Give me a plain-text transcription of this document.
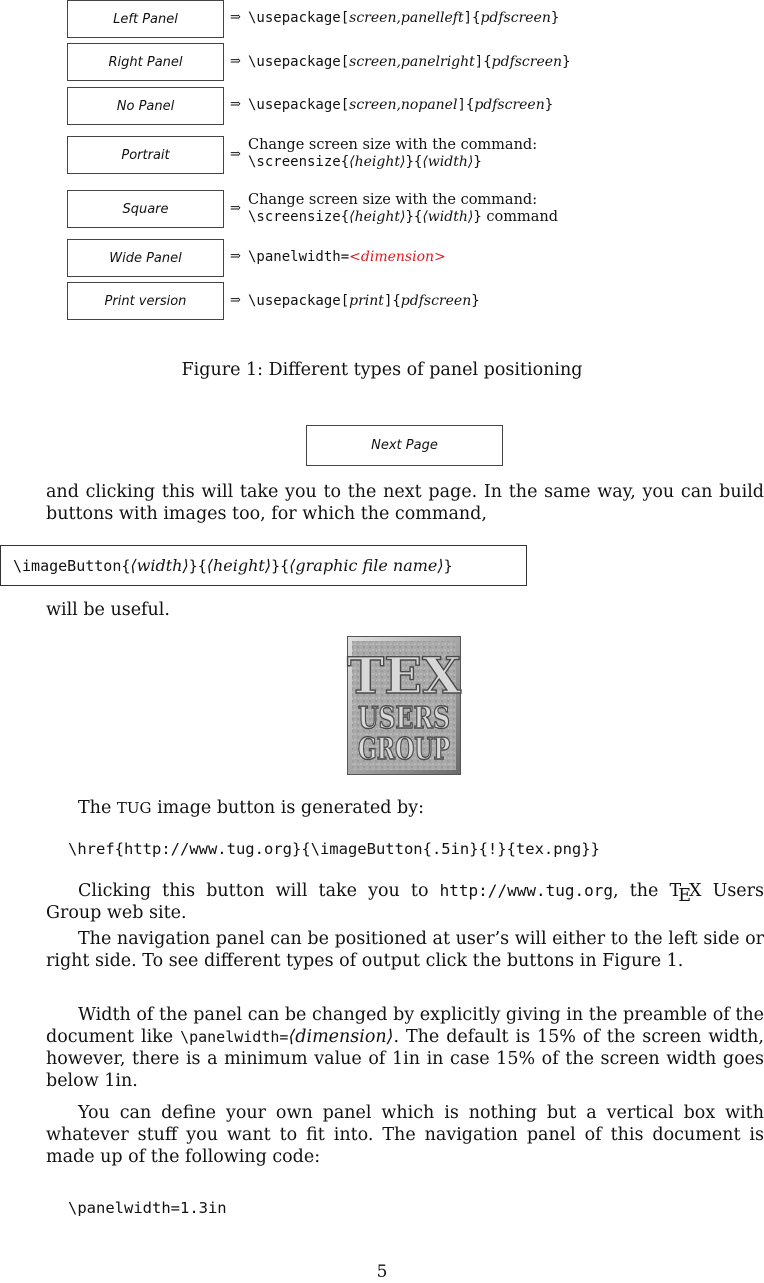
Left Panel	⇒ \usepackage[screen,panelleft]{pdfscreen}
Right Panel	⇒ \usepackage[screen,panelright]{pdfscreen}
No Panel	⇒ \usepackage[screen,nopanel]{pdfscreen}
Portrait	⇒
Change screen size with the command:
\screensize{⟨height⟩}{⟨width⟩}
Square	⇒
Change screen size with the command:
\screensize{⟨height⟩}{⟨width⟩} command
Wide Panel	⇒ \panelwidth=<dimension>
Print version	⇒ \usepackage[print]{pdfscreen}
Figure 1: Different types of panel positioning
Next Page
and clicking this will take you to the next page. In the same way, you can build buttons with images too, for which the command,
\imageButton{ ⟨width⟩ }{ ⟨height⟩ }{ ⟨graphic file name⟩ }
will be useful.
TEX
USERS
GROUP
The TUG image button is generated by:
\href{http://www.tug.org}{\imageButton{.5in}{!}{tex.png}}
Clicking this button will take you to http://www.tug.org, the TEX Users Group web site.
The navigation panel can be positioned at user’s will either to the left side or right side. To see different types of output click the buttons in Figure 1.
Width of the panel can be changed by explicitly giving in the preamble of the document like \panelwidth=⟨dimension⟩. The default is 15% of the screen width, however, there is a minimum value of 1in in case 15% of the screen width goes below 1in.
You can define your own panel which is nothing but a vertical box with whatever stuff you want to fit into. The navigation panel of this document is made up of the following code:
\panelwidth=1.3in
5
